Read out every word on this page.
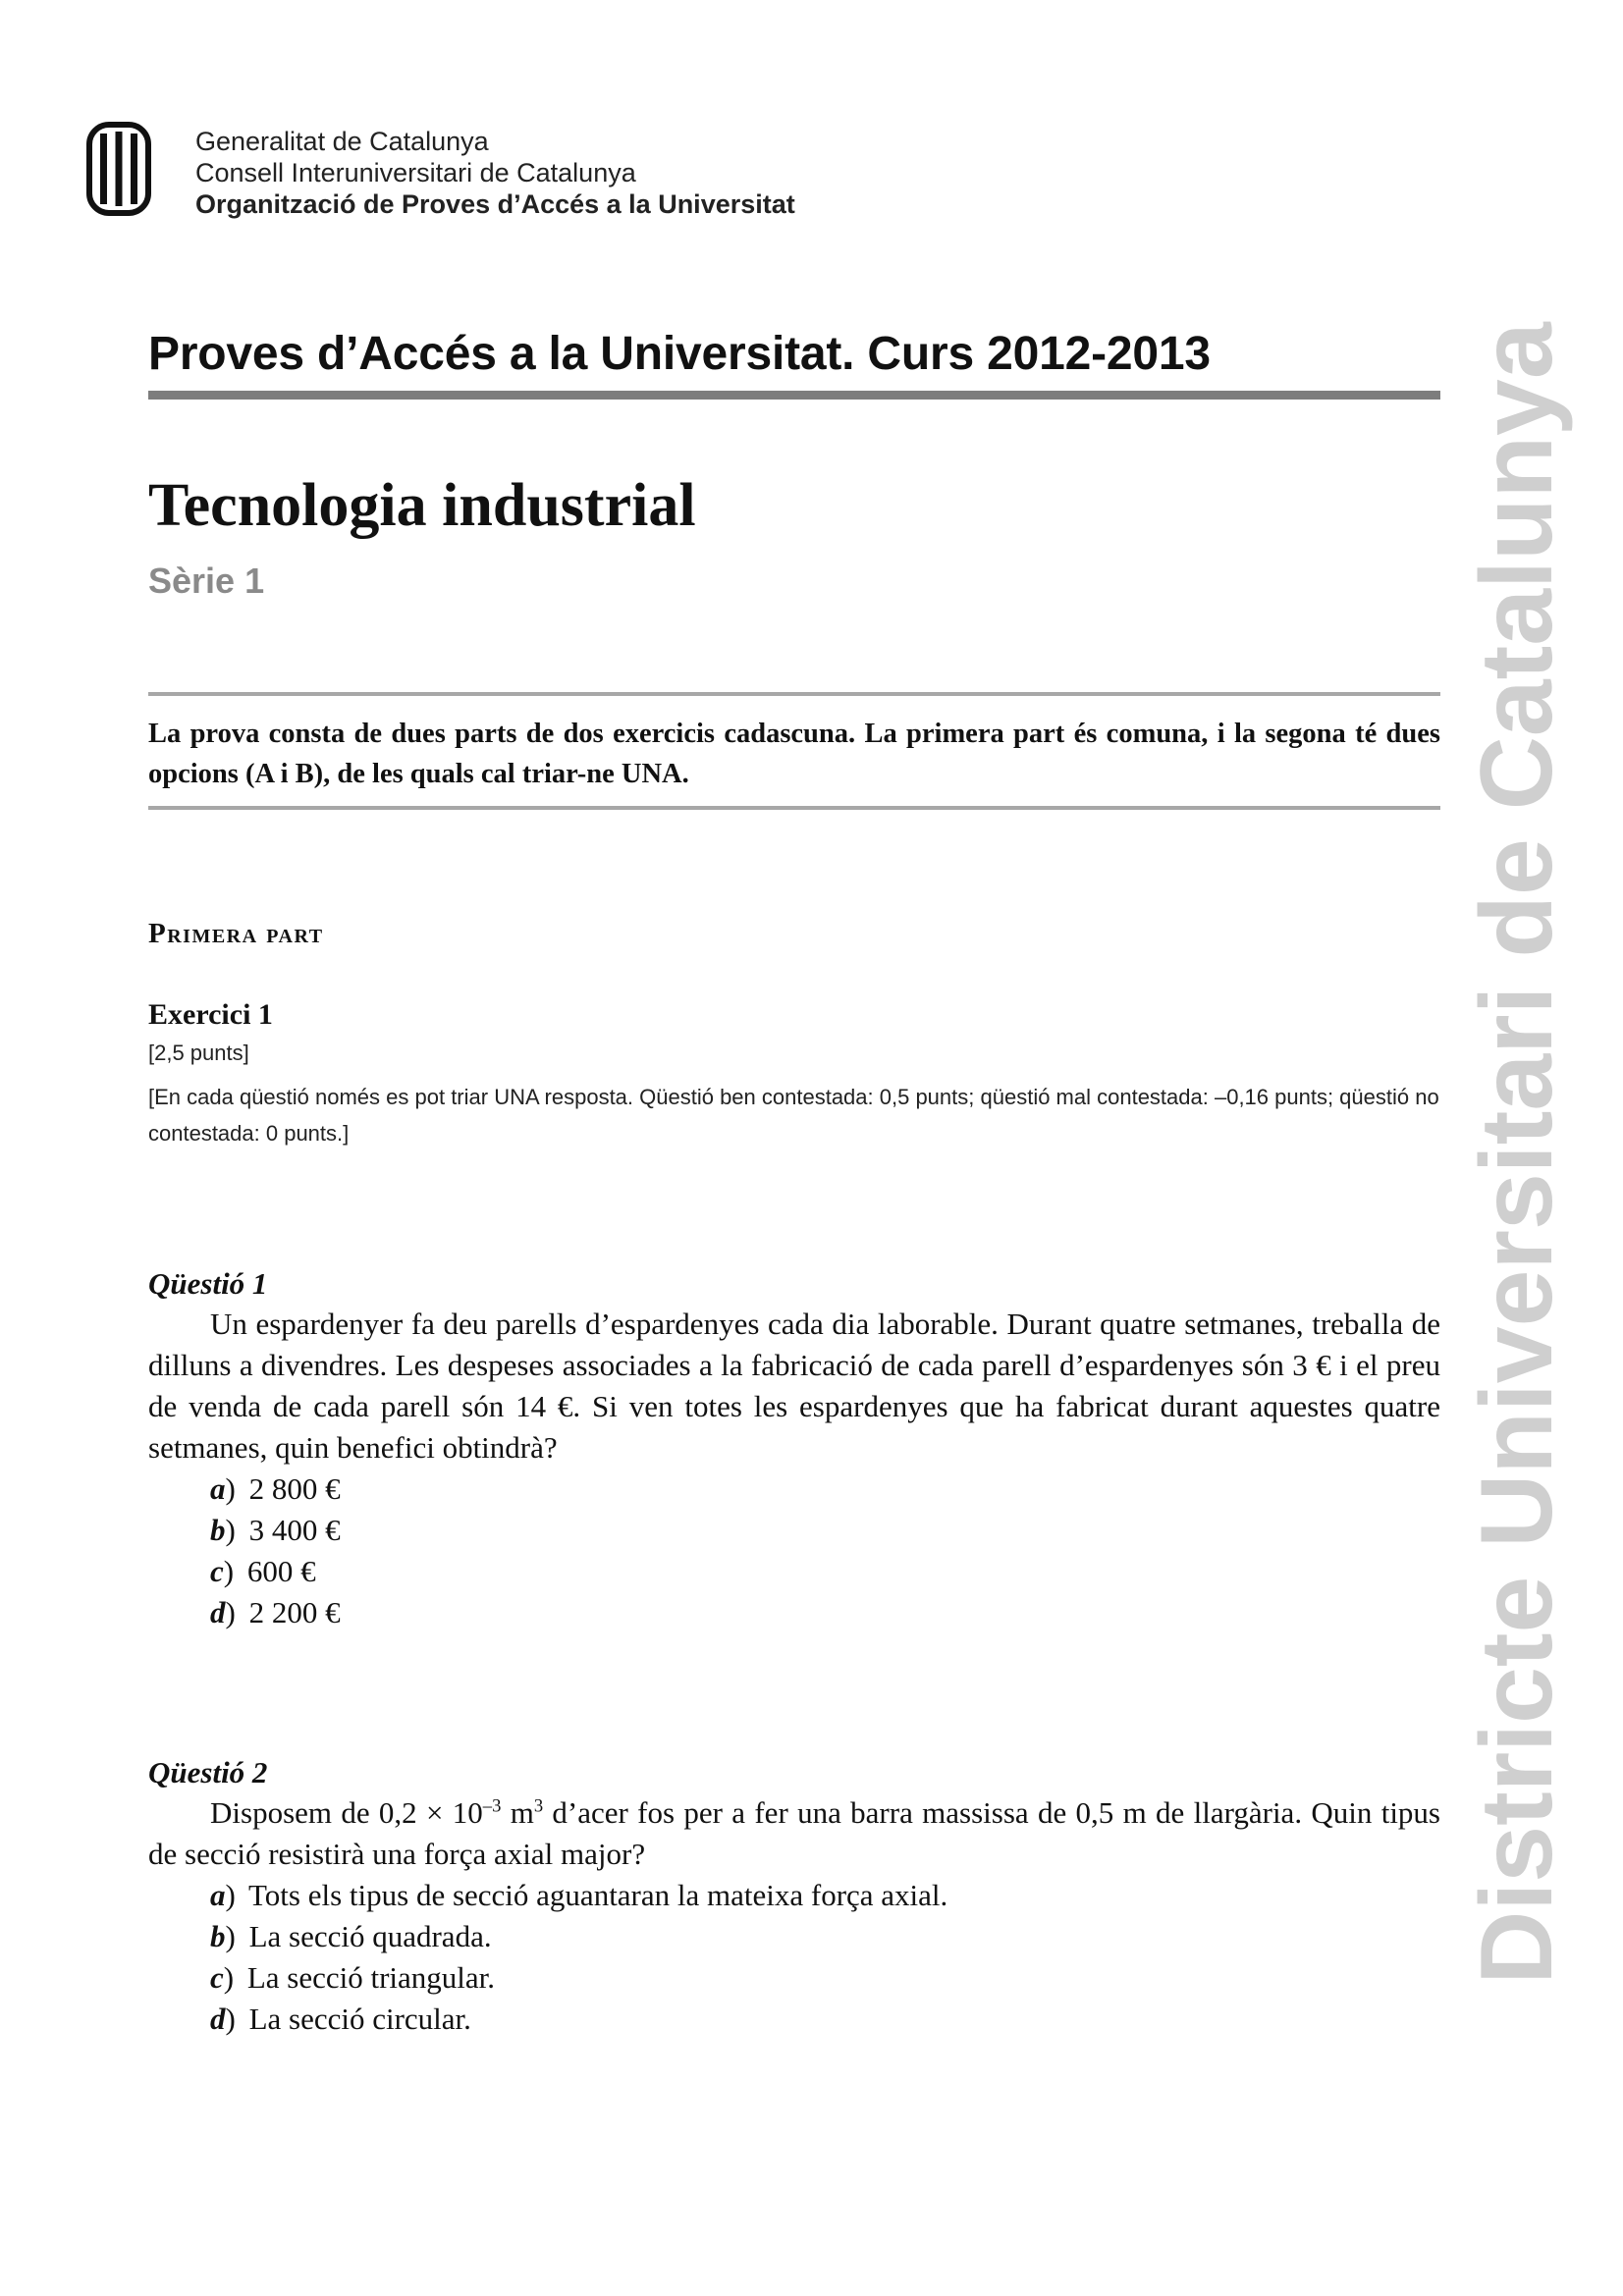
Generalitat de Catalunya
Consell Interuniversitari de Catalunya
Organització de Proves d’Accés a la Universitat
Proves d’Accés a la Universitat. Curs 2012-2013
Tecnologia industrial
Sèrie 1
La prova consta de dues parts de dos exercicis cadascuna. La primera part és comuna, i la segona té dues opcions (A i B), de les quals cal triar-ne UNA.
Primera part
Exercici 1
[2,5 punts]
[En cada qüestió només es pot triar UNA resposta. Qüestió ben contestada: 0,5 punts; qüestió mal contestada: –0,16 punts; qüestió no contestada: 0 punts.]
Qüestió 1
Un espardenyer fa deu parells d’espardenyes cada dia laborable. Durant quatre setmanes, treballa de dilluns a divendres. Les despeses associades a la fabricació de cada parell d’espardenyes són 3 € i el preu de venda de cada parell són 14 €. Si ven totes les espardenyes que ha fabricat durant aquestes quatre setmanes, quin benefici obtindrà?
a) 2 800 €
b) 3 400 €
c) 600 €
d) 2 200 €
Qüestió 2
Disposem de $0,2 \times 10^{-3}$ $m^3$ d’acer fos per a fer una barra massissa de 0,5 m de llargària. Quin tipus de secció resistirà una força axial major?
a) Tots els tipus de secció aguantaran la mateixa força axial.
b) La secció quadrada.
c) La secció triangular.
d) La secció circular.
Districte Universitari de Catalunya
